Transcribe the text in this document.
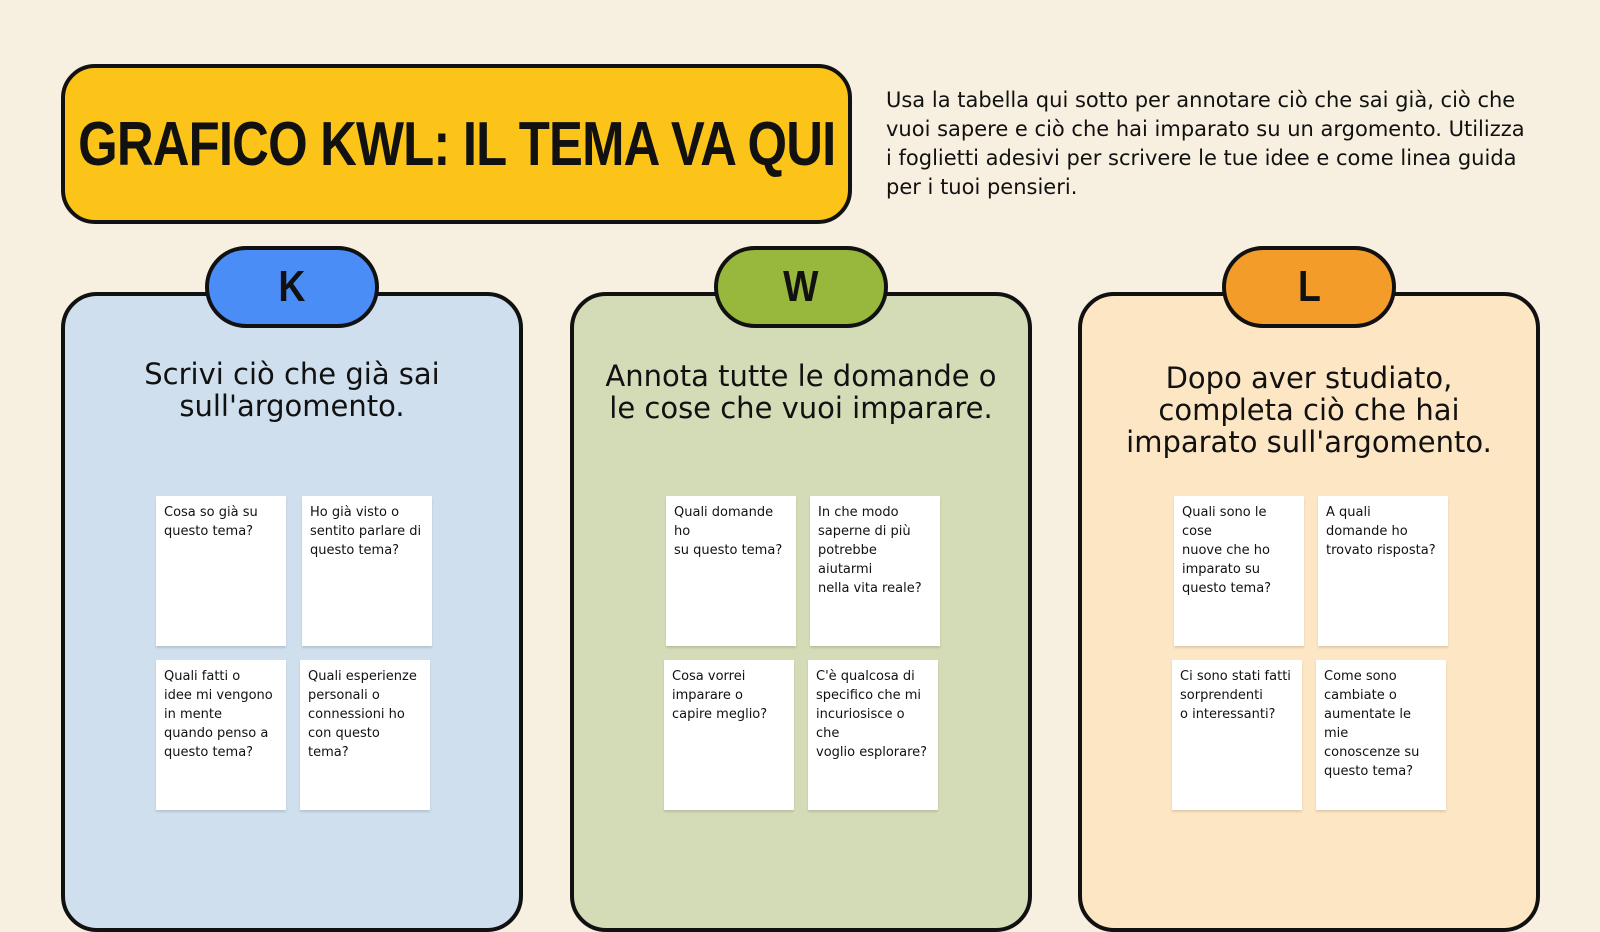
GRAFICO KWL: IL TEMA VA QUI
Usa la tabella qui sotto per annotare ciò che sai già, ciò che vuoi sapere e ciò che hai imparato su un argomento. Utilizza i foglietti adesivi per scrivere le tue idee e come linea guida per i tuoi pensieri.
Scrivi ciò che già sai sull'argomento.
K
Cosa so già su
questo tema?
Ho già visto o
sentito parlare di
questo tema?
Quali fatti o
idee mi vengono
in mente
quando penso a
questo tema?
Quali esperienze
personali o
connessioni ho
con questo tema?
Annota tutte le domande o le cose che vuoi imparare.
W
Quali domande ho
su questo tema?
In che modo
saperne di più
potrebbe aiutarmi
nella vita reale?
Cosa vorrei
imparare o
capire meglio?
C'è qualcosa di
specifico che mi
incuriosisce o che
voglio esplorare?
Dopo aver studiato, completa ciò che hai imparato sull'argomento.
L
Quali sono le cose
nuove che ho
imparato su
questo tema?
A quali
domande ho
trovato risposta?
Ci sono stati fatti
sorprendenti
o interessanti?
Come sono
cambiate o
aumentate le mie
conoscenze su
questo tema?
